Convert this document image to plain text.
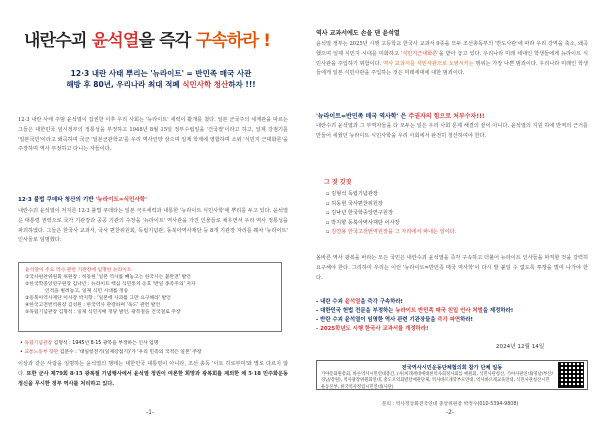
내란수괴 윤석열을 즉각 구속하라 !
12·3 내란 사태 뿌리는 '뉴라이트' = 반민족 매국 사관
해방 후 80년, 우리나라 최대 적폐 식민사학 청산하자 !!!
12·3 내란 사태 주범 윤석열이 집권한 이후 우리 사회는 '뉴라이트' 세력이 활개를 쳤다. 일본 군국주의 세계관을 따르는 그들은 대한민국 임시정부의 정통성을 부정하고 1948년 8월 15일 정부수립일을 '건국절'이라고 하고, 일제 강점기를 '일본국민'이라고 왜곡하며 국군 '일본군관학교'를 우리 역사인양 삼으며 일제 학계에 영합하며 소위 '식민지 근대화론'을 주장하며 역사 부정하고 다니는 자들이다.
12·3 불법 쿠데타 청산의 기반 '뉴라이트=식민사학'
내란수괴 윤석열이 저지른 12·3 불법 쿠데타는 일본 극우세력과 내통한 '뉴라이트 식민사학'에 뿌리를 두고 있다. 윤석열은 대통령 권력으로 국가 기관장과 공공 기관의 수장을 '뉴라이트' 역사관을 가진 인물들로 채우면서 우리 역사 정통성을 파괴하였다. 그들은 한국사 교과서, 국사 편찬위원회, 독립기념관, 동북아역사재단 등 8개 기관장 자리를 꿰차 '뉴라이트' 인사들로 임명했다.
윤석열이 주요 역사 관련 기관장에 임명한 뉴라이트
①국사편찬위원회 위원장 : 허동현 '일본 역사를 빼놓고는 한국사는 불완전' 발언
②한국학중앙연구원장 김낙년 : 뉴라이트 핵심 식민통치 옹호 '반일 종족주의' 저자
인적을 벌려놓고, 일제 식민 시대를 정송
③동북아역사재단 이사장 박지향 : '일본에 사과를 그만 요구해라' 발언
④한국고전번역원장 김성원 : 한국역사 관장하며 '독도' 관련 발언
⑤독립기념관장 김형석 : 일제 식민지배 정당 발언, 광복절을 건국절로 주장
• 독립기념관장 김형석 : 1945년 8·15 광복을 부정하는 인사 임명
• 교통노동부 장관 김문수 : '대일항전기(일제강점기)'가 '우리 민족의 국적은 일본' 주장
이상과 같은 사람을 임명하는 윤석열의 행태는 대한민국 대통령이 아니라, 조선 총독 '이토 히로부미'와 별로 다르지 않다. 또한 군사 제79회 8·15 광복절 기념행사에서 윤석열 정권이 여론한 희망과 광복회를 제외한 채 5·18 민주화운동 정신을 무시한 정부 역사를 처리하고 있다.
-1-
역사 교과서에도 손을 댄 윤석열
윤석열 정부는 2025년 시행 고등학교 한국사 교과서 9종을 모두 조선총독부의 '반도사관'에 따라 우리 강역을 축소, 왜곡했으며 일제 식민지 시대를 미화하고 '식민지근대화론'을 받아 놓고 있다. 우리나라 미래 세대인 학생들에게 뉴라이트 식민사관을 주입하기 위함이다. 역사 교과서를 식민사관으로 오염시키는 행위는 가장 나쁜 범죄이다. 우리나라 미래인 학생들에게 일본 식민사관을 주입하는 것은 미래세대에 대한 범죄이다.
'뉴라이트=반민족 매국 역사학' 은 주권자의 힘으로 처부수자!!!
내란수괴 윤석열과 그 부역자들을 다 모두는 일은 우리 사회 문제 해결의 끝이 아니다. 윤석열의 지원 하에 반역의 근거를 만들어 세웠던 뉴라이트 식민사학을 우리 사회에서 완전히 청산하여야 한다.
그 짓 깃짓
▫ 김형석 독립기념관장
▫ 허동현 국사편찬위원장
▫ 김낙년 한국학중앙연구원장
▫ 박지향 동북아역사재단 이사장
▫ 김연용 한국고전번역원장을 그 자리에서 파내는 일이다.
올바른 역사 광복을 바라는 모든 국민은 내란수괴 윤석열을 즉각 구속하고 더불어 뉴라이트 인사들을 파직할 것을 강력히 요구해야 한다. 그리하여 우리는 이런 '뉴라이트=반민족 매국 역사학'이 다시 발 붙일 수 없도록 투쟁을 벌여 나가야 한다.
- 내란 수괴 윤석열을 즉각 구속하라!
- 대한민국 헌법 전문을 부정하는 뉴라이트 반민족 매국 친일 인사 처벌을 제정하라!
- 반란 수괴 윤석열이 임명한 역사 관련 기관장들을 즉각 파면하라!
- 2025학년도 시행 한국사 교과서를 개정하라!
2024년 12월 14일
전국역사시민운동단체협의회 참가 단체 일동
가야문화원총회, 바른역사시민연대총간, (사)미래세대에대한역사회정사회를 예원회, 식민사관청산, 가야사관연대(영남/부산/경남/강원), 역사광장위원회연대, 충도오의회발달예관단체, 역사바르게학부모연대, 역사바르게교육연대, 식민사관청산시민운동본부, 한국역사정립시민연대(사단)
문의 : 역사정상화전국연대 중앙위원장 박정수(010-5394-9808)
-2-
